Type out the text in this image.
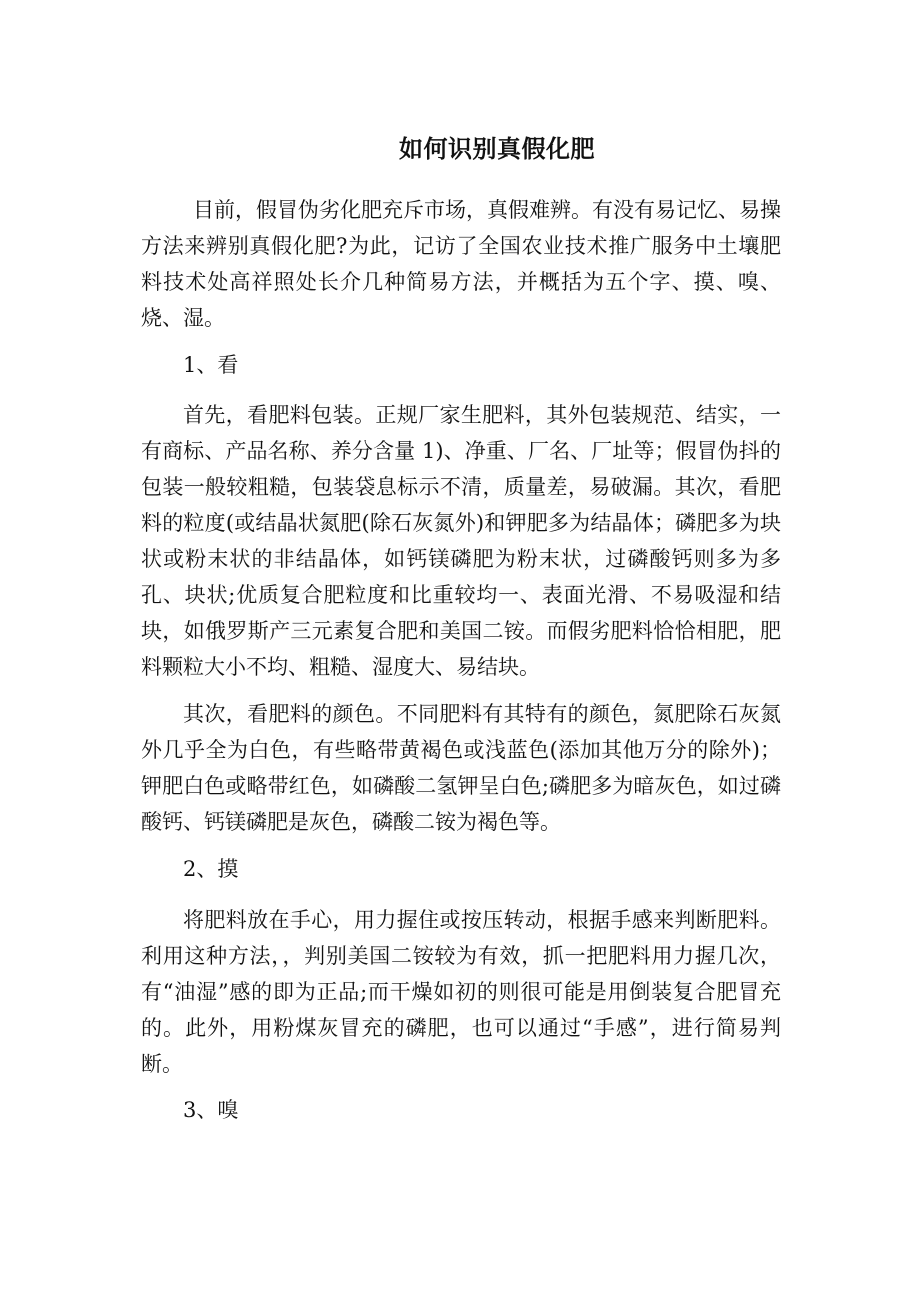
如何识别真假化肥

目前，假冒伪劣化肥充斥市场，真假难辨。有没有易记忆、易操方法来辨别真假化肥?为此，记访了全国农业技术推广服务中土壤肥料技术处高祥照处长介几种简易方法，并概括为五个字、摸、嗅、烧、湿。

1、看

首先，看肥料包装。正规厂家生肥料，其外包装规范、结实，一有商标、产品名称、养分含量 1)、净重、厂名、厂址等；假冒伪抖的包装一般较粗糙，包装袋息标示不清，质量差，易破漏。其次，看肥料的粒度(或结晶状氮肥(除石灰氮外)和钾肥多为结晶体；磷肥多为块状或粉末状的非结晶体，如钙镁磷肥为粉末状，过磷酸钙则多为多孔、块状;优质复合肥粒度和比重较均一、表面光滑、不易吸湿和结块，如俄罗斯产三元素复合肥和美国二铵。而假劣肥料恰恰相肥，肥料颗粒大小不均、粗糙、湿度大、易结块。

其次，看肥料的颜色。不同肥料有其特有的颜色，氮肥除石灰氮外几乎全为白色，有些略带黄褐色或浅蓝色(添加其他万分的除外)；钾肥白色或略带红色，如磷酸二氢钾呈白色;磷肥多为暗灰色，如过磷酸钙、钙镁磷肥是灰色，磷酸二铵为褐色等。

2、摸

将肥料放在手心，用力握住或按压转动，根据手感来判断肥料。利用这种方法，，判别美国二铵较为有效，抓一把肥料用力握几次，有“油湿”感的即为正品;而干燥如初的则很可能是用倒装复合肥冒充的。此外，用粉煤灰冒充的磷肥，也可以通过“手感”，进行简易判断。

3、嗅
